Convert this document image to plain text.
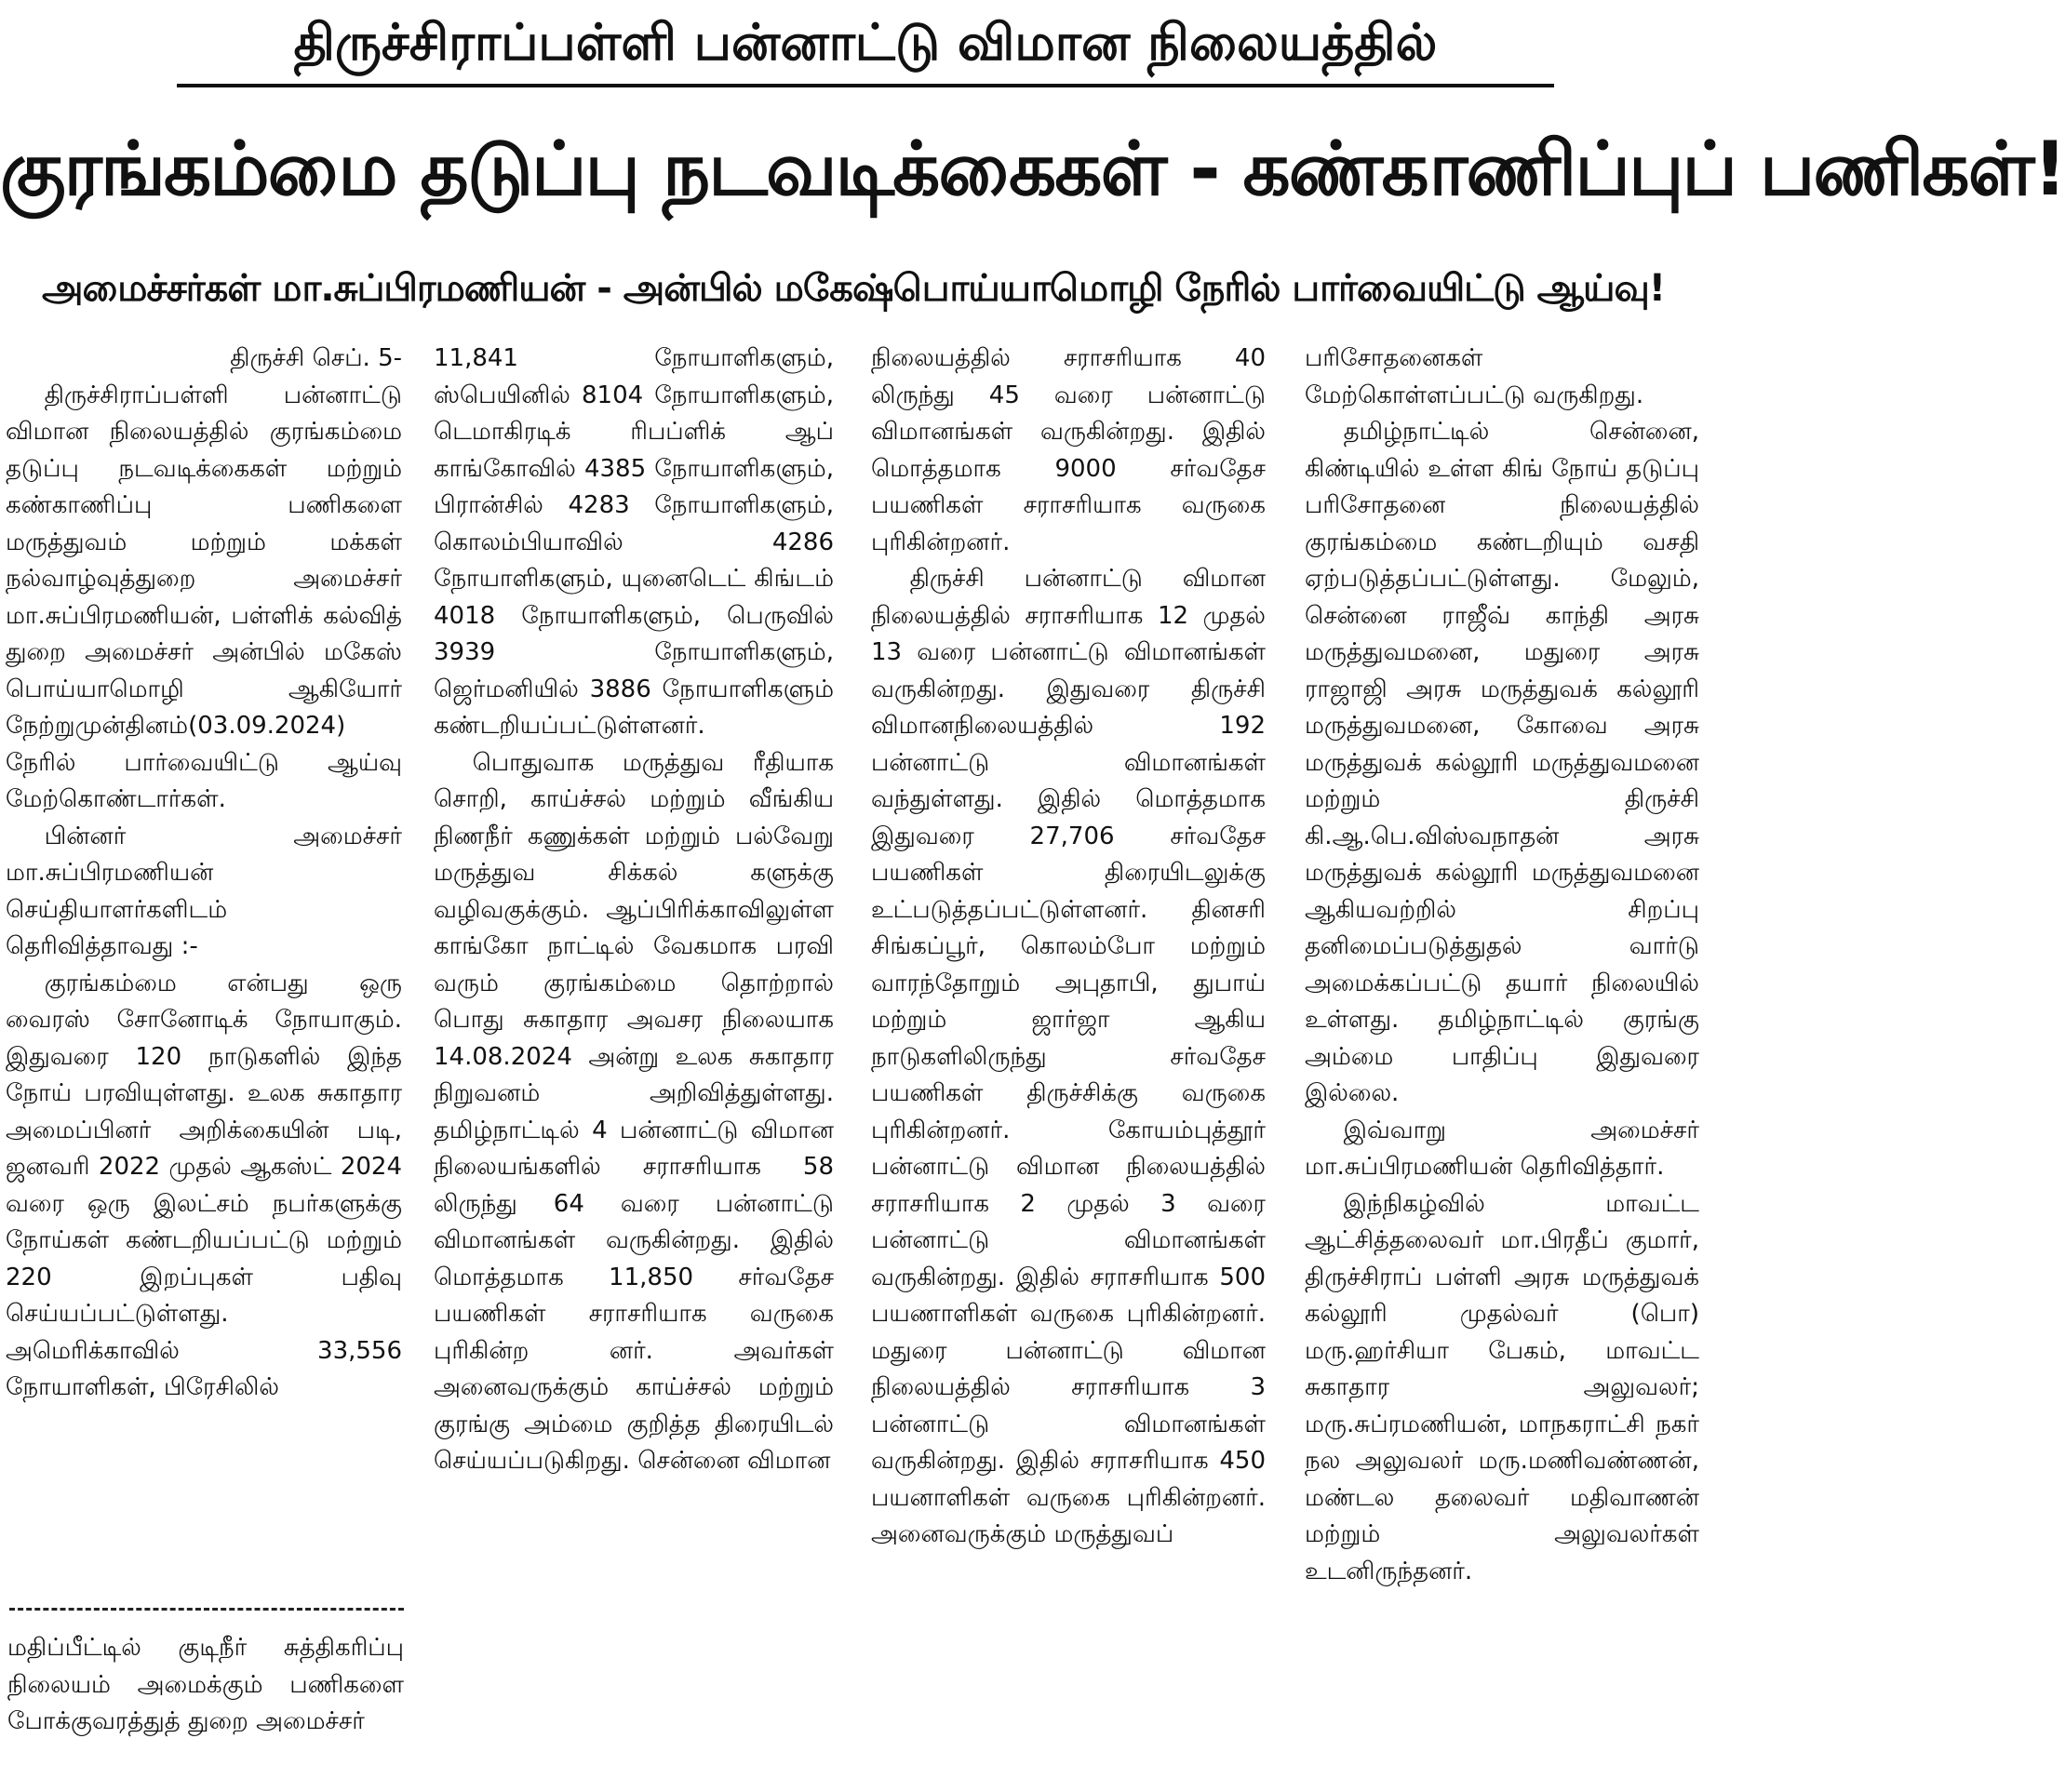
திருச்சிராப்பள்ளி பன்னாட்டு விமான நிலையத்தில்
குரங்கம்மை தடுப்பு நடவடிக்கைகள் - கண்காணிப்புப் பணிகள்!
அமைச்சர்கள் மா.சுப்பிரமணியன் - அன்பில் மகேஷ்பொய்யாமொழி நேரில் பார்வையிட்டு ஆய்வு!

திருச்சி செப். 5-

திருச்சிராப்பள்ளி பன்னாட்டு விமான நிலையத்தில் குரங்கம்மை தடுப்பு நடவடிக்கைகள் மற்றும் கண்காணிப்பு பணிகளை மருத்துவம் மற்றும் மக்கள் நல்வாழ்வுத்துறை அமைச்சர் மா.சுப்பிரமணியன், பள்ளிக் கல்வித் துறை அமைச்சர் அன்பில் மகேஸ் பொய்யாமொழி ஆகியோர் நேற்றுமுன்தினம்(03.09.2024) நேரில் பார்வையிட்டு ஆய்வு மேற்கொண்டார்கள்.

பின்னர் அமைச்சர் மா.சுப்பிரமணியன் செய்தியாளர்களிடம் தெரிவித்தாவது :-

குரங்கம்மை என்பது ஒரு வைரஸ் சோனோடிக் நோயாகும். இதுவரை 120 நாடுகளில் இந்த நோய் பரவியுள்ளது. உலக சுகாதார அமைப்பினர் அறிக்கையின் படி, ஜனவரி 2022 முதல் ஆகஸ்ட் 2024 வரை ஒரு இலட்சம் நபர்களுக்கு நோய்கள் கண்டறியப்பட்டு மற்றும் 220 இறப்புகள் பதிவு செய்யப்பட்டுள்ளது. அமெரிக்காவில் 33,556 நோயாளிகள், பிரேசிலில்

மதிப்பீட்டில் குடிநீர் சுத்திகரிப்பு நிலையம் அமைக்கும் பணிகளை போக்குவரத்துத் துறை அமைச்சர்

11,841 நோயாளிகளும், ஸ்பெயினில் 8104 நோயாளிகளும், டெமாகிரடிக் ரிபப்ளிக் ஆப் காங்கோவில் 4385 நோயாளிகளும், பிரான்சில் 4283 நோயாளிகளும், கொலம்பியாவில் 4286 நோயாளிகளும், யுனைடெட் கிங்டம் 4018 நோயாளிகளும், பெருவில் 3939 நோயாளிகளும், ஜெர்மனியில் 3886 நோயாளிகளும் கண்டறியப்பட்டுள்ளனர்.

பொதுவாக மருத்துவ ரீதியாக சொறி, காய்ச்சல் மற்றும் வீங்கிய நிணநீர் கணுக்கள் மற்றும் பல்வேறு மருத்துவ சிக்கல் களுக்கு வழிவகுக்கும். ஆப்பிரிக்காவிலுள்ள காங்கோ நாட்டில் வேகமாக பரவி வரும் குரங்கம்மை தொற்றால் பொது சுகாதார அவசர நிலையாக 14.08.2024 அன்று உலக சுகாதார நிறுவனம் அறிவித்துள்ளது. தமிழ்நாட்டில் 4 பன்னாட்டு விமான நிலையங்களில் சராசரியாக 58 லிருந்து 64 வரை பன்னாட்டு விமானங்கள் வருகின்றது. இதில் மொத்தமாக 11,850 சர்வதேச பயணிகள் சராசரியாக வருகை புரிகின்ற னர். அவர்கள் அனைவருக்கும் காய்ச்சல் மற்றும் குரங்கு அம்மை குறித்த திரையிடல் செய்யப்படுகிறது. சென்னை விமான

நிலையத்தில் சராசரியாக 40 லிருந்து 45 வரை பன்னாட்டு விமானங்கள் வருகின்றது. இதில் மொத்தமாக 9000 சர்வதேச பயணிகள் சராசரியாக வருகை புரிகின்றனர்.

திருச்சி பன்னாட்டு விமான நிலையத்தில் சராசரியாக 12 முதல் 13 வரை பன்னாட்டு விமானங்கள் வருகின்றது. இதுவரை திருச்சி விமானநிலையத்தில் 192 பன்னாட்டு விமானங்கள் வந்துள்ளது. இதில் மொத்தமாக இதுவரை 27,706 சர்வதேச பயணிகள் திரையிடலுக்கு உட்படுத்தப்பட்டுள்ளனர். தினசரி சிங்கப்பூர், கொலம்போ மற்றும் வாரந்தோறும் அபுதாபி, துபாய் மற்றும் ஜார்ஜா ஆகிய நாடுகளிலிருந்து சர்வதேச பயணிகள் திருச்சிக்கு வருகை புரிகின்றனர். கோயம்புத்தூர் பன்னாட்டு விமான நிலையத்தில் சராசரியாக 2 முதல் 3 வரை பன்னாட்டு விமானங்கள் வருகின்றது. இதில் சராசரியாக 500 பயணாளிகள் வருகை புரிகின்றனர். மதுரை பன்னாட்டு விமான நிலையத்தில் சராசரியாக 3 பன்னாட்டு விமானங்கள் வருகின்றது. இதில் சராசரியாக 450 பயனாளிகள் வருகை புரிகின்றனர். அனைவருக்கும் மருத்துவப்

பரிசோதனைகள் மேற்கொள்ளப்பட்டு வருகிறது.

தமிழ்நாட்டில் சென்னை, கிண்டியில் உள்ள கிங் நோய் தடுப்பு பரிசோதனை நிலையத்தில் குரங்கம்மை கண்டறியும் வசதி ஏற்படுத்தப்பட்டுள்ளது. மேலும், சென்னை ராஜீவ் காந்தி அரசு மருத்துவமனை, மதுரை அரசு ராஜாஜி அரசு மருத்துவக் கல்லூரி மருத்துவமனை, கோவை அரசு மருத்துவக் கல்லூரி மருத்துவமனை மற்றும் திருச்சி கி.ஆ.பெ.விஸ்வநாதன் அரசு மருத்துவக் கல்லூரி மருத்துவமனை ஆகியவற்றில் சிறப்பு தனிமைப்படுத்துதல் வார்டு அமைக்கப்பட்டு தயார் நிலையில் உள்ளது. தமிழ்நாட்டில் குரங்கு அம்மை பாதிப்பு இதுவரை இல்லை.

இவ்வாறு அமைச்சர் மா.சுப்பிரமணியன் தெரிவித்தார்.

இந்நிகழ்வில் மாவட்ட ஆட்சித்தலைவர் மா.பிரதீப் குமார், திருச்சிராப் பள்ளி அரசு மருத்துவக் கல்லூரி முதல்வர் (பொ) மரு.ஹர்சியா பேகம், மாவட்ட சுகாதார அலுவலர்; மரு.சுப்ரமணியன், மாநகராட்சி நகர் நல அலுவலர் மரு.மணிவண்ணன், மண்டல தலைவர் மதிவாணன் மற்றும் அலுவலர்கள் உடனிருந்தனர்.
